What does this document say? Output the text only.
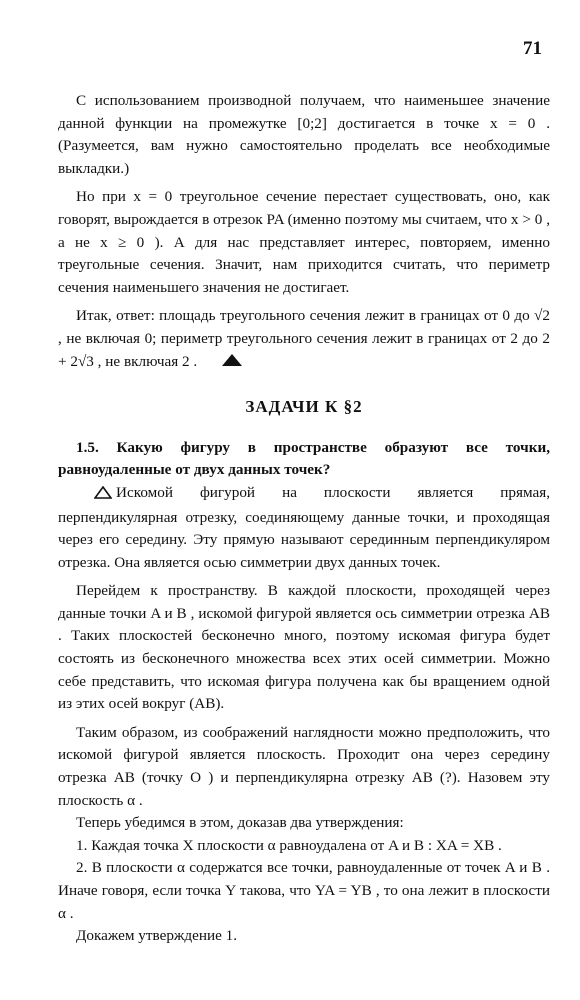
71

С использованием производной получаем, что наименьшее значение данной функции на промежутке [0;2] достигается в точке x = 0 . (Разумеется, вам нужно самостоятельно проделать все необходимые выкладки.)

Но при x = 0 треугольное сечение перестает существовать, оно, как говорят, вырождается в отрезок PA (именно поэтому мы считаем, что x > 0 , а не x ≥ 0 ). А для нас представляет интерес, повторяем, именно треугольные сечения. Значит, нам приходится считать, что периметр сечения наименьшего значения не достигает.

Итак, ответ: площадь треугольного сечения лежит в границах от 0 до √2 , не включая 0; периметр треугольного сечения лежит в границах от 2 до 2 + 2√3 , не включая 2 .

ЗАДАЧИ К §2

1.5. Какую фигуру в пространстве образуют все точки, равноудаленные от двух данных точек?

Искомой фигурой на плоскости является прямая, перпендикулярная отрезку, соединяющему данные точки, и проходящая через его середину. Эту прямую называют серединным перпендикуляром отрезка. Она является осью симметрии двух данных точек.

Перейдем к пространству. В каждой плоскости, проходящей через данные точки A и B , искомой фигурой является ось симметрии отрезка AB . Таких плоскостей бесконечно много, поэтому искомая фигура будет состоять из бесконечного множества всех этих осей симметрии. Можно себе представить, что искомая фигура получена как бы вращением одной из этих осей вокруг (AB).

Таким образом, из соображений наглядности можно предположить, что искомой фигурой является плоскость. Проходит она через середину отрезка AB (точку O ) и перпендикулярна отрезку AB (?). Назовем эту плоскость α .

Теперь убедимся в этом, доказав два утверждения:

1. Каждая точка X плоскости α равноудалена от A и B : XA = XB .

2. В плоскости α содержатся все точки, равноудаленные от точек A и B . Иначе говоря, если точка Y такова, что YA = YB , то она лежит в плоскости α .

Докажем утверждение 1.
